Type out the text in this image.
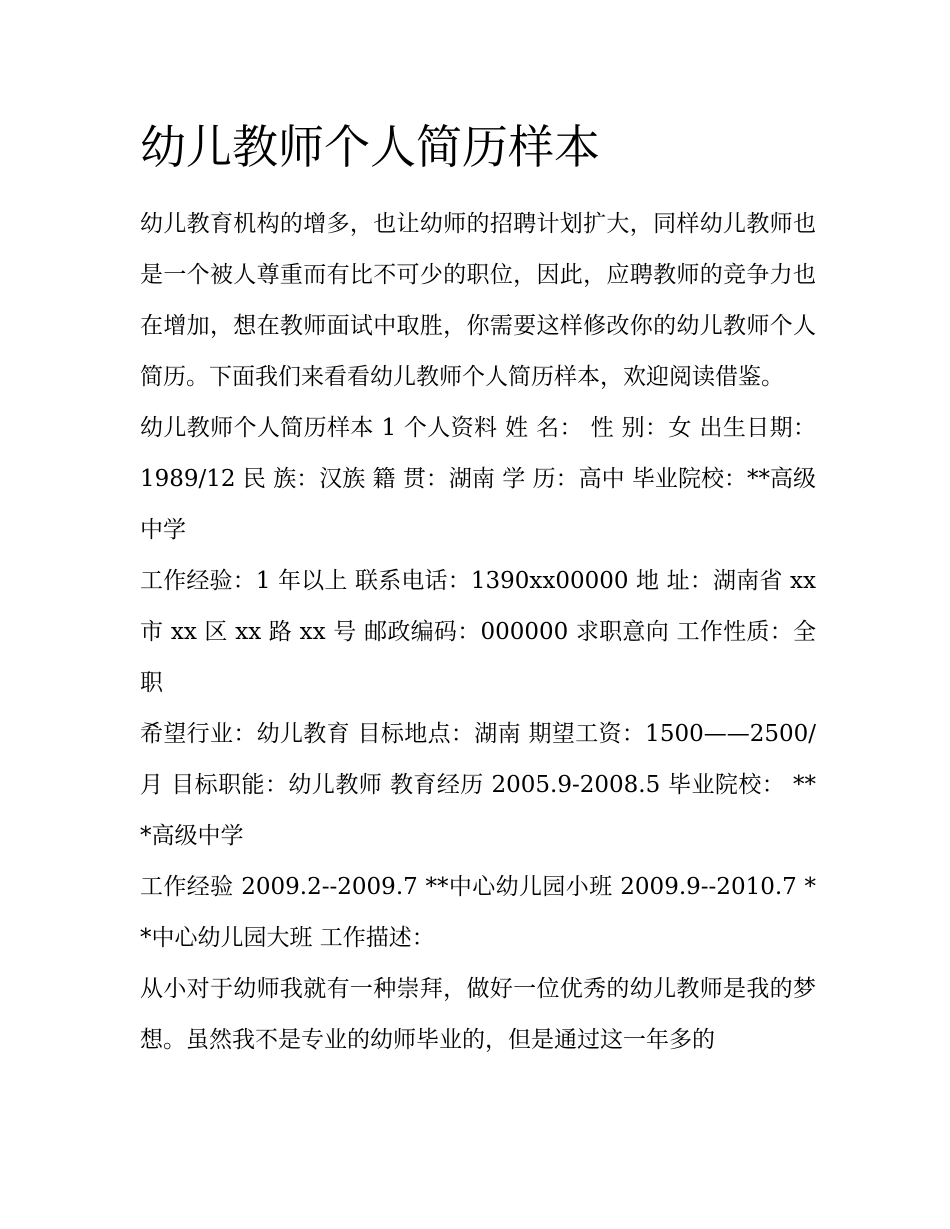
幼儿教师个人简历样本

幼儿教育机构的增多，也让幼师的招聘计划扩大，同样幼儿教师也是一个被人尊重而有比不可少的职位，因此，应聘教师的竞争力也在增加，想在教师面试中取胜，你需要这样修改你的幼儿教师个人简历。下面我们来看看幼儿教师个人简历样本，欢迎阅读借鉴。

幼儿教师个人简历样本 1 个人资料 姓 名： 性 别：女 出生日期：1989/12 民 族：汉族 籍 贯：湖南 学 历：高中 毕业院校：**高级中学

工作经验：1 年以上 联系电话：1390xx00000 地 址：湖南省 xx 市 xx 区 xx 路 xx 号 邮政编码：000000 求职意向 工作性质：全职

希望行业：幼儿教育 目标地点：湖南 期望工资：1500——2500/月 目标职能：幼儿教师 教育经历 2005.9-2008.5 毕业院校： ***高级中学

工作经验 2009.2--2009.7 **中心幼儿园小班 2009.9--2010.7 **中心幼儿园大班 工作描述：

从小对于幼师我就有一种崇拜，做好一位优秀的幼儿教师是我的梦想。虽然我不是专业的幼师毕业的，但是通过这一年多的
